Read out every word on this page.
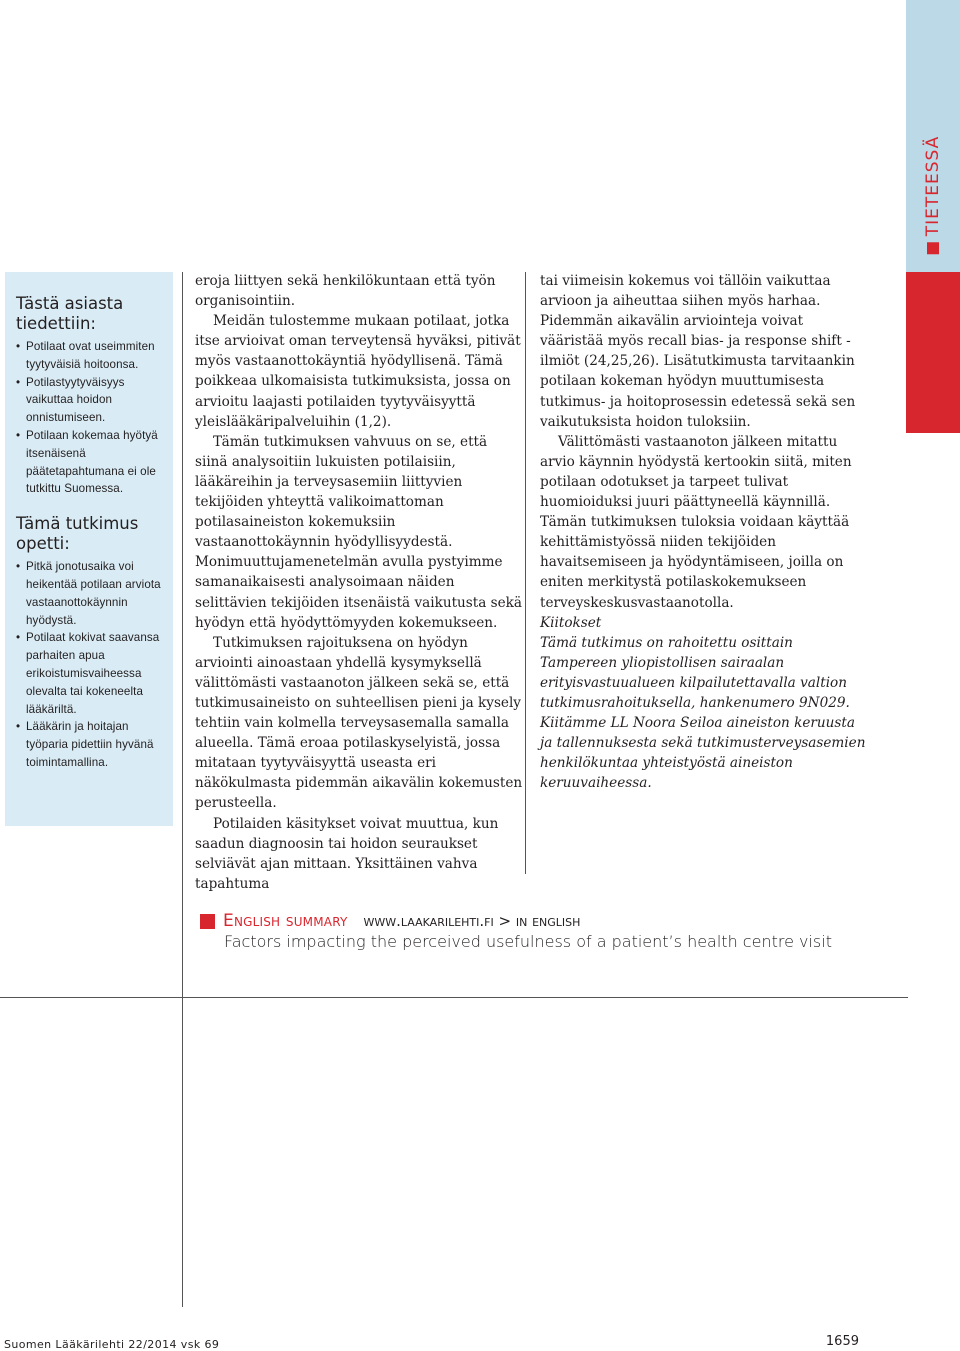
TIETEESSÄ
Tästä asiasta tiedettiin:
• Potilaat ovat useimmiten tyytyväisiä hoitoonsa.
• Potilastyytyväisyys vaikuttaa hoidon onnistumiseen.
• Potilaan kokemaa hyötyä itsenäisenä päätetapahtumana ei ole tutkittu Suomessa.
Tämä tutkimus opetti:
• Pitkä jonotusaika voi heikentää potilaan arviota vastaanottokäynnin hyödystä.
• Potilaat kokivat saavansa parhaiten apua erikoistumisvaiheessa olevalta tai kokeneelta lääkäriltä.
• Lääkärin ja hoitajan työparia pidettiin hyvänä toimintamallina.

eroja liittyen sekä henkilökuntaan että työn organisointiin.

Meidän tulostemme mukaan potilaat, jotka itse arvioivat oman terveytensä hyväksi, pitivät myös vastaanottokäyntiä hyödyllisenä. Tämä poikkeaa ulkomaisista tutkimuksista, jossa on arvioitu laajasti potilaiden tyytyväisyyttä yleislääkäripalveluihin (1,2).

Tämän tutkimuksen vahvuus on se, että siinä analysoitiin lukuisten potilaisiin, lääkäreihin ja terveysasemiin liittyvien tekijöiden yhteyttä valikoimattoman potilasaineiston kokemuksiin vastaanottokäynnin hyödyllisyydestä. Monimuuttujamenetelmän avulla pystyimme samanaikaisesti analysoimaan näiden selittävien tekijöiden itsenäistä vaikutusta sekä hyödyn että hyödyttömyyden kokemukseen.

Tutkimuksen rajoituksena on hyödyn arviointi ainoastaan yhdellä kysymyksellä välittömästi vastaanoton jälkeen sekä se, että tutkimusaineisto on suhteellisen pieni ja kysely tehtiin vain kolmella terveysasemalla samalla alueella. Tämä eroaa potilaskyselyistä, jossa mitataan tyytyväisyyttä useasta eri näkökulmasta pidemmän aikavälin kokemusten perusteella.

Potilaiden käsitykset voivat muuttua, kun saadun diagnoosin tai hoidon seuraukset selviävät ajan mittaan. Yksittäinen vahva tapahtuma

tai viimeisin kokemus voi tällöin vaikuttaa arvioon ja aiheuttaa siihen myös harhaa. Pidemmän aikavälin arviointeja voivat vääristää myös recall bias- ja response shift -ilmiöt (24,25,26). Lisätutkimusta tarvitaankin potilaan kokeman hyödyn muuttumisesta tutkimus- ja hoitoprosessin edetessä sekä sen vaikutuksista hoidon tuloksiin.

Välittömästi vastaanoton jälkeen mitattu arvio käynnin hyödystä kertookin siitä, miten potilaan odotukset ja tarpeet tulivat huomioiduksi juuri päättyneellä käynnillä. Tämän tutkimuksen tuloksia voidaan käyttää kehittämistyössä niiden tekijöiden havaitsemiseen ja hyödyntämiseen, joilla on eniten merkitystä potilaskokemukseen terveyskeskusvastaanotolla.

Kiitokset

Tämä tutkimus on rahoitettu osittain Tampereen yliopistollisen sairaalan erityisvastuualueen kilpailutettavalla valtion tutkimusrahoituksella, hankenumero 9N029.

Kiitämme LL Noora Seiloa aineiston keruusta ja tallennuksesta sekä tutkimusterveysasemien henkilökuntaa yhteistyöstä aineiston keruuvaiheessa.

English summary www.laakarilehti.fi > in english
Factors impacting the perceived usefulness of a patient’s health centre visit
Suomen Lääkärilehti 22/2014 vsk 69	1659
